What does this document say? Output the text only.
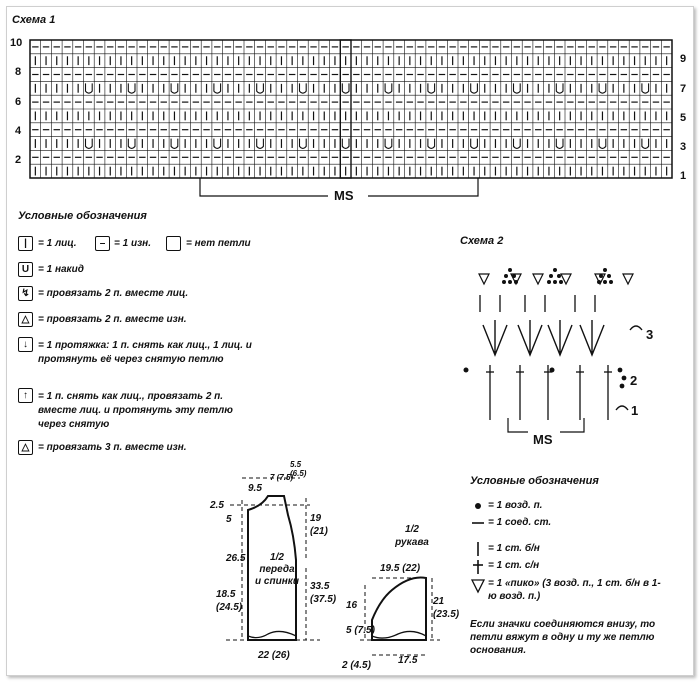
Схема 1
10
8
6
4
2
9
7
5
3
1
MS
Условные обозначения
|	= 1 лиц.	– = 1 изн.	= нет петли
U = 1 накид
↯ = провязать 2 п. вместе лиц.
△ = провязать 2 п. вместе изн.
↓	= 1 протяжка: 1 п. снять как лиц., 1 лиц. и протянуть её через снятую петлю
↑	= 1 п. снять как лиц., провязать 2 п. вместе лиц. и протянуть эту петлю через снятую
△ = провязать 3 п. вместе изн.
Схема 2
3
2
1
MS
Условные обозначения
= 1 возд. п.
= 1 соед. ст.
= 1 ст. б/н
= 1 ст. с/н
= 1 «пико» (3 возд. п., 1 ст. б/н в 1-ю возд. п.)
Если значки соединяются внизу, то петли вяжут в одну и ту же петлю основания.
9.5
7 (7.5)
5.5 (6.5)
2.5
5	19 (21)
26.5
18.5 (24.5)
33.5 (37.5)
22 (26)
1/2 переда и спинки
1/2 рукава
19.5 (22)
16	21 (23.5)
5 (7.5)
17.5
2 (4.5)
